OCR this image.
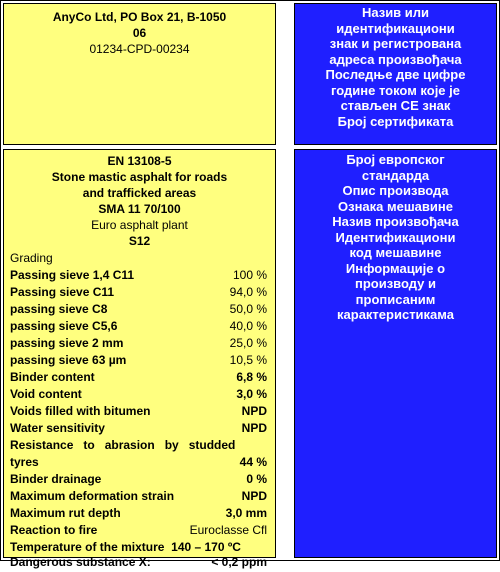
AnyCo Ltd, PO Box 21, B-1050
06
01234-CPD-00234
Назив или
идентификациони
знак и регистрована
адреса произвођача
Последње две цифре
године током које је
стављен CE знак
Број сертификата
EN 13108-5
Stone mastic asphalt for roads
and trafficked areas
SMA 11 70/100
Euro asphalt plant
S12
Grading
Passing sieve 1,4 C11	100 %
Passing sieve C11	94,0 %
passing sieve C8	50,0 %
passing sieve C5,6	40,0 %
passing sieve 2 mm	25,0 %
passing sieve 63 µm	10,5 %
Binder content	6,8 %
Void content	3,0 %
Voids filled with bitumen	NPD
Water sensitivity	NPD
Resistance   to   abrasion   by   studded
tyres	44 %
Binder drainage	0 %
Maximum deformation strain	NPD
Maximum rut depth	3,0 mm
Reaction to fire	Euroclasse Cfl
Temperature of the mixture  140 – 170 ºC
Dangerous substance X:	< 0,2 ppm
Број европског
стандарда
Опис производа
Ознака мешавине
Назив произвођача
Идентификациони
код мешавине
Информације о
производу и
прописаним
карактеристикама
